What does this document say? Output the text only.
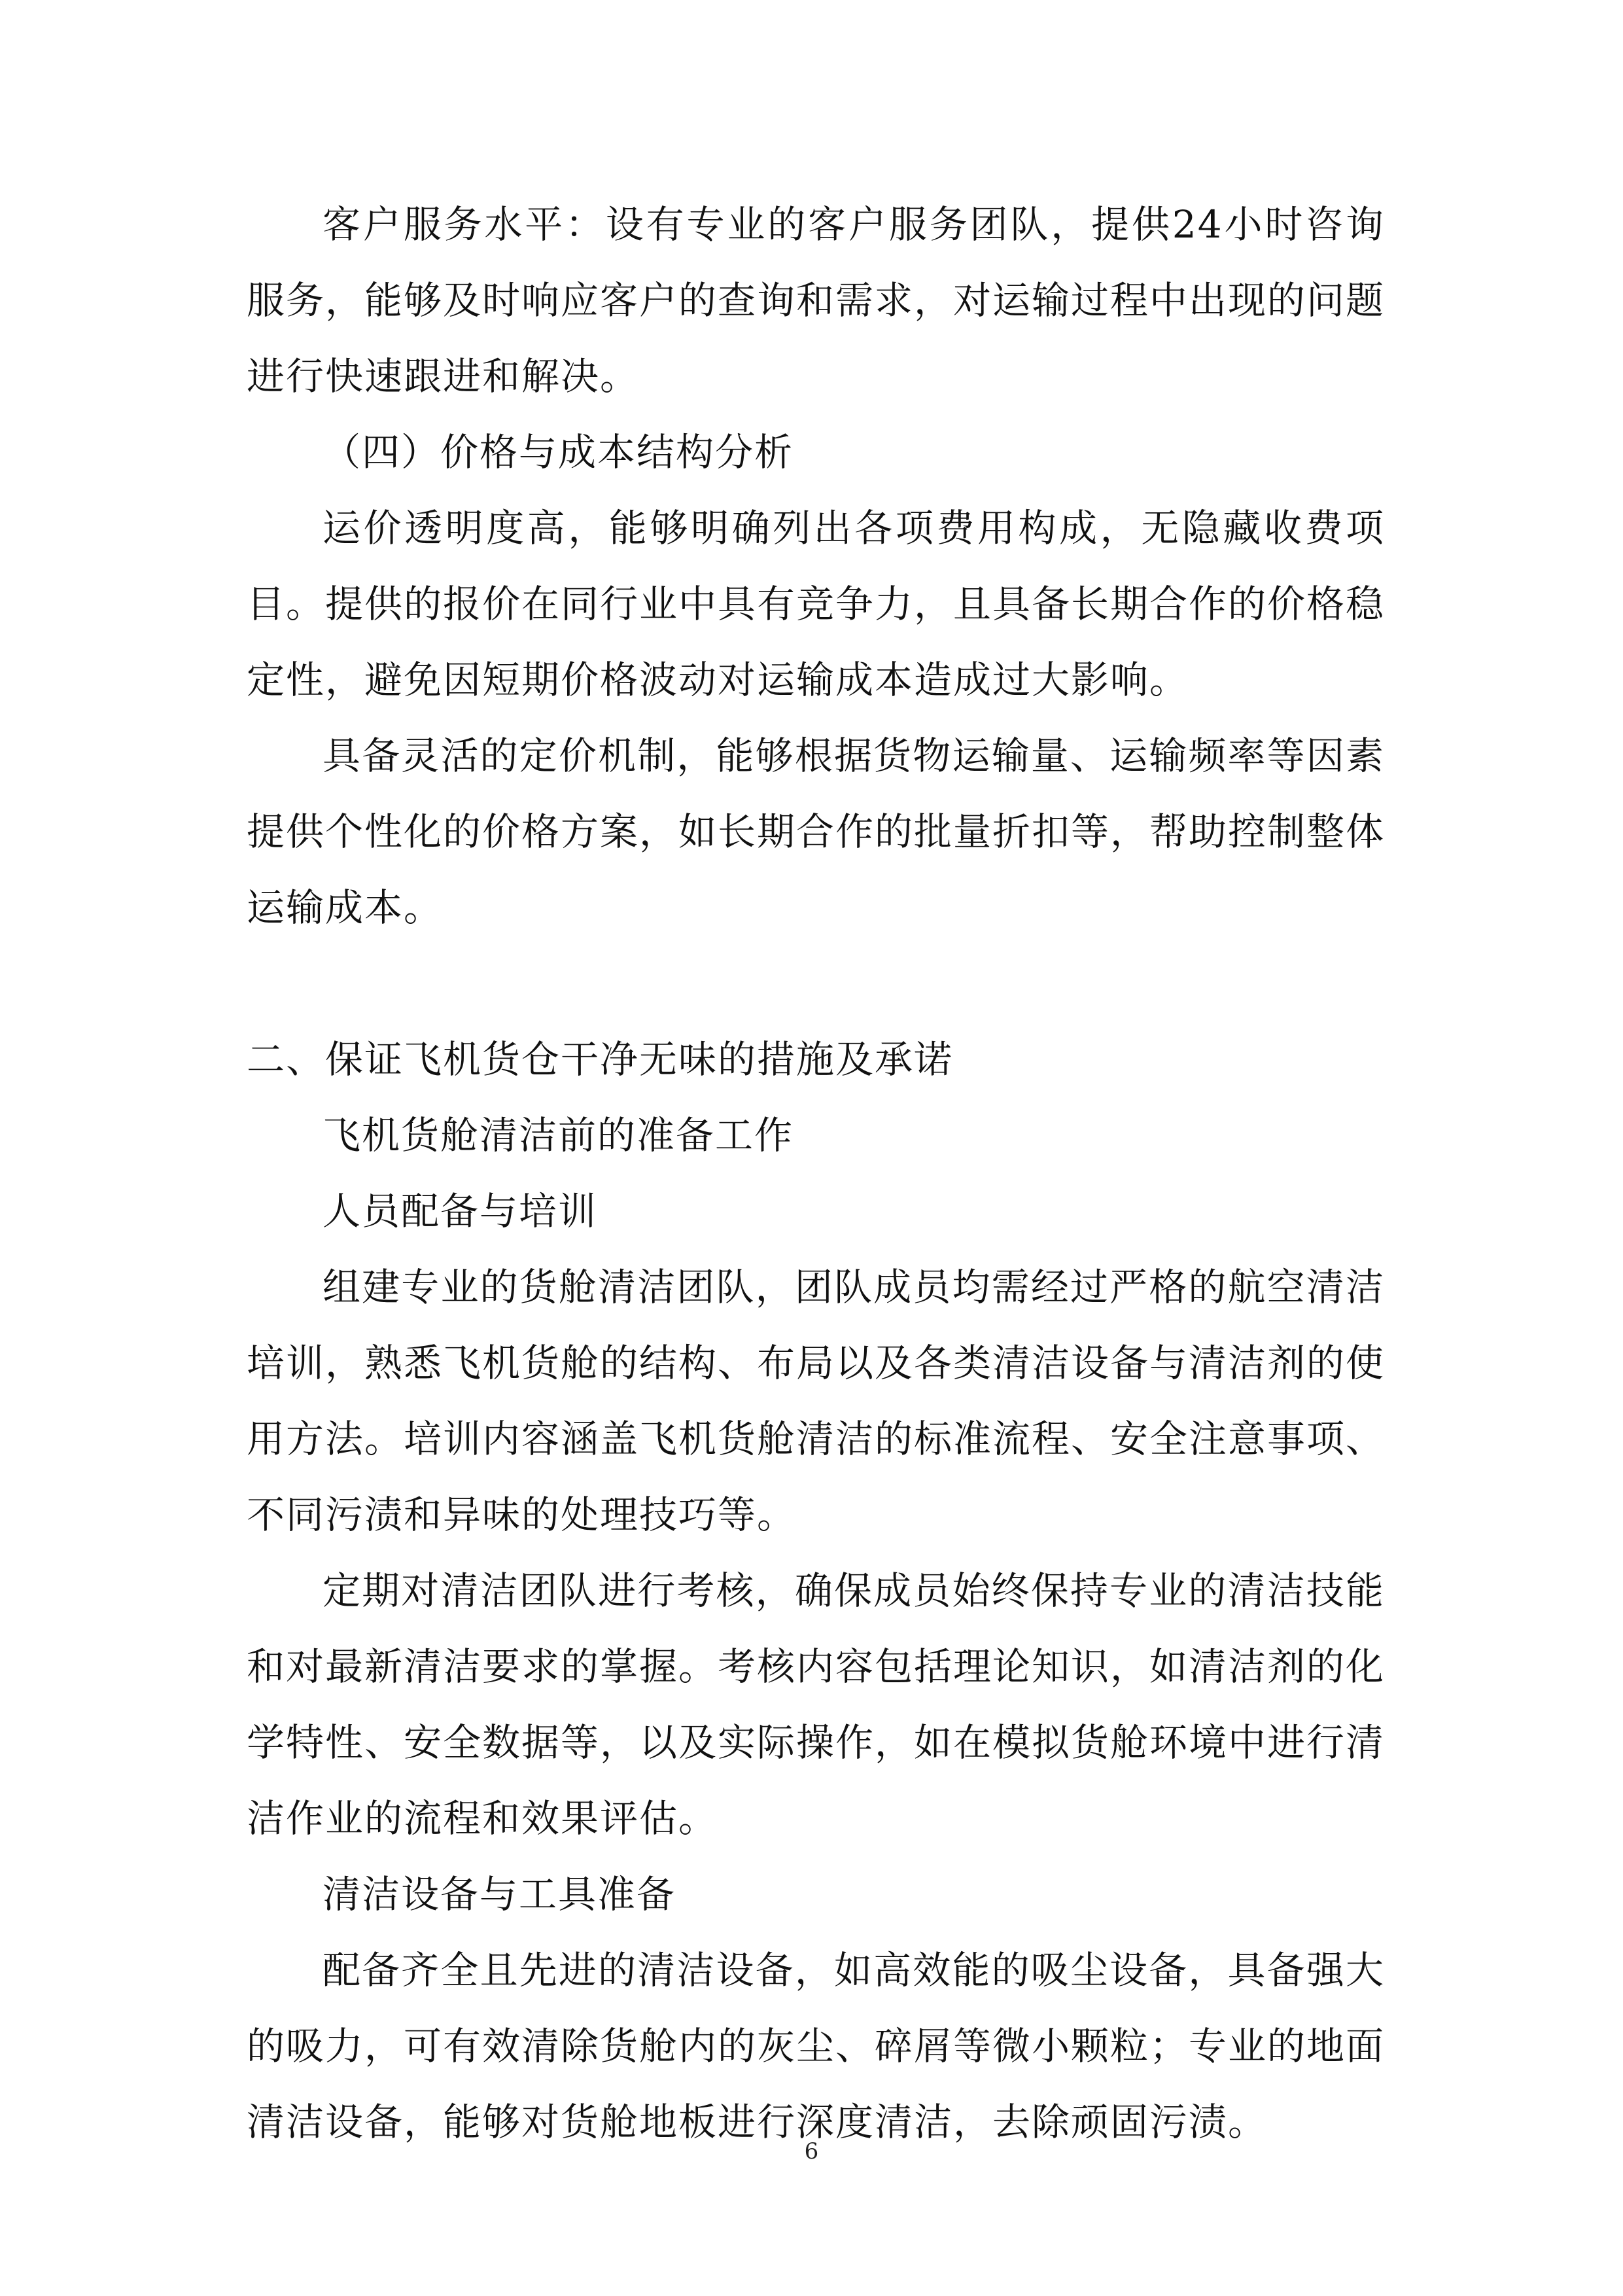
客户服务水平：设有专业的客户服务团队，提供24小时咨询服务，能够及时响应客户的查询和需求，对运输过程中出现的问题进行快速跟进和解决。

（四）价格与成本结构分析

运价透明度高，能够明确列出各项费用构成，无隐藏收费项目。提供的报价在同行业中具有竞争力，且具备长期合作的价格稳定性，避免因短期价格波动对运输成本造成过大影响。

具备灵活的定价机制，能够根据货物运输量、运输频率等因素提供个性化的价格方案，如长期合作的批量折扣等，帮助控制整体运输成本。

二、保证飞机货仓干净无味的措施及承诺

飞机货舱清洁前的准备工作

人员配备与培训

组建专业的货舱清洁团队，团队成员均需经过严格的航空清洁培训，熟悉飞机货舱的结构、布局以及各类清洁设备与清洁剂的使用方法。培训内容涵盖飞机货舱清洁的标准流程、安全注意事项、不同污渍和异味的处理技巧等。

定期对清洁团队进行考核，确保成员始终保持专业的清洁技能和对最新清洁要求的掌握。考核内容包括理论知识，如清洁剂的化学特性、安全数据等，以及实际操作，如在模拟货舱环境中进行清洁作业的流程和效果评估。

清洁设备与工具准备

配备齐全且先进的清洁设备，如高效能的吸尘设备，具备强大的吸力，可有效清除货舱内的灰尘、碎屑等微小颗粒；专业的地面清洁设备，能够对货舱地板进行深度清洁，去除顽固污渍。

6
